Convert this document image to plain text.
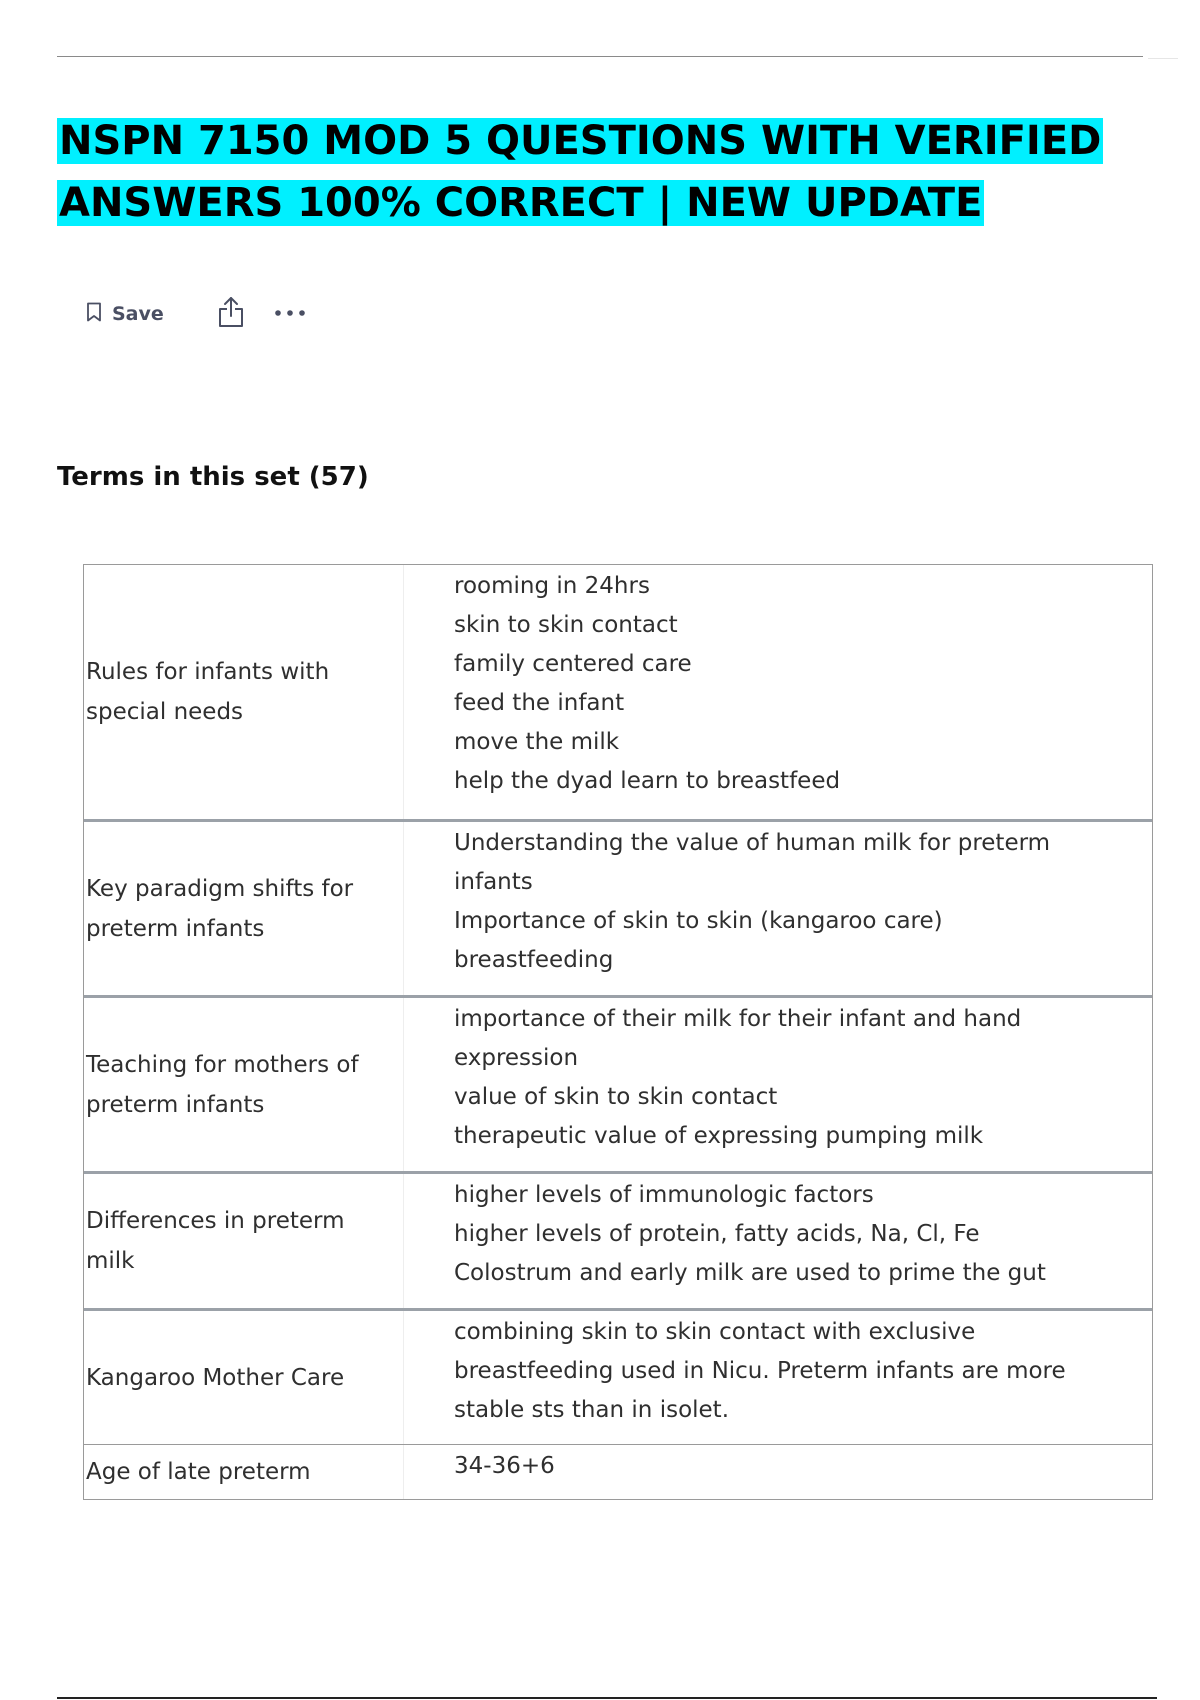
NSPN 7150 MOD 5 QUESTIONS WITH VERIFIED
ANSWERS 100% CORRECT | NEW UPDATE
Save
Terms in this set (57)
Rules for infants with special needs
rooming in 24hrs
skin to skin contact
family centered care
feed the infant
move the milk
help the dyad learn to breastfeed
Key paradigm shifts for preterm infants
Understanding the value of human milk for preterm
infants
Importance of skin to skin (kangaroo care)
breastfeeding
Teaching for mothers of preterm infants
importance of their milk for their infant and hand
expression
value of skin to skin contact
therapeutic value of expressing pumping milk
Differences in preterm milk
higher levels of immunologic factors
higher levels of protein, fatty acids, Na, Cl, Fe
Colostrum and early milk are used to prime the gut
Kangaroo Mother Care
combining skin to skin contact with exclusive
breastfeeding used in Nicu. Preterm infants are more
stable sts than in isolet.
Age of late preterm	34-36+6
